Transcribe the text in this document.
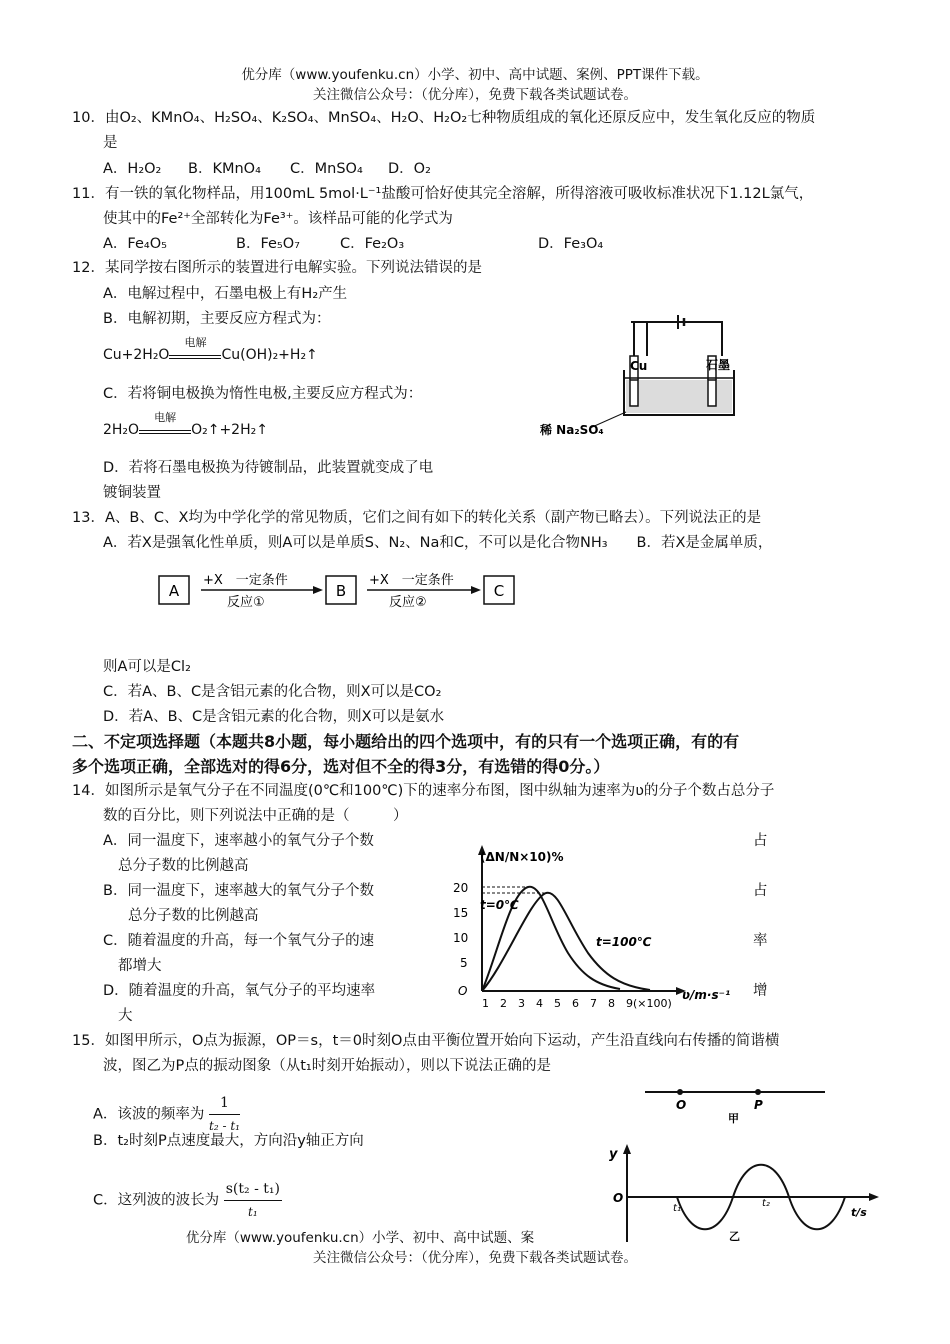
优分库（www.youfenku.cn）小学、初中、高中试题、案例、PPT课件下载。
关注微信公众号：（优分库），免费下载各类试题试卷。
10．由O₂、KMnO₄、H₂SO₄、K₂SO₄、MnSO₄、H₂O、H₂O₂七种物质组成的氧化还原反应中，发生氧化反应的物质
是
A．H₂O₂ B．KMnO₄ C．MnSO₄ D．O₂
11．有一铁的氧化物样品，用100mL 5mol·L⁻¹盐酸可恰好使其完全溶解，所得溶液可吸收标准状况下1.12L氯气，
使其中的Fe²⁺全部转化为Fe³⁺。该样品可能的化学式为
A．Fe₄O₅	B．Fe₅O₇	C．Fe₂O₃	D．Fe₃O₄
12．某同学按右图所示的装置进行电解实验。下列说法错误的是
A．电解过程中，石墨电极上有H₂产生
B．电解初期，主要反应方程式为：
Cu+2H₂O
电解
Cu(OH)₂+H₂↑
C．若将铜电极换为惰性电极,主要反应方程式为：
2H₂O
电解
O₂↑+2H₂↑
D．若将石墨电极换为待镀制品，此装置就变成了电
镀铜装置
Cu	石墨
稀 Na₂SO₄
13．A、B、C、X均为中学化学的常见物质，它们之间有如下的转化关系（副产物已略去）。下列说法正的是
A．若X是强氧化性单质，则A可以是单质S、N₂、Na和C，不可以是化合物NH₃　　B．若X是金属单质，
A
+X　一定条件
反应①
B
+X　一定条件
反应②
C
则A可以是Cl₂
C．若A、B、C是含铝元素的化合物，则X可以是CO₂
D．若A、B、C是含铝元素的化合物，则X可以是氨水
二、不定项选择题（本题共8小题，每小题给出的四个选项中，有的只有一个选项正确，有的有
多个选项正确，全部选对的得6分，选对但不全的得3分，有选错的得0分。）
14．如图所示是氧气分子在不同温度(0℃和100℃)下的速率分布图，图中纵轴为速率为ʋ的分子个数占总分子
数的百分比，则下列说法中正确的是（　　　）
A．同一温度下，速率越小的氧气分子个数
总分子数的比例越高
B．同一温度下，速率越大的氧气分子个数
总分子数的比例越高
C．随着温度的升高，每一个氧气分子的速
都增大
D．随着温度的升高，氧气分子的平均速率
大
占
占
率
增
(ΔN/N×10)%
20
15
10
5
O
1 2 3 4 5 6 7 8 9(×100)
ʋ/m·s⁻¹
t=0℃
t=100℃
15．如图甲所示，O点为振源，OP＝s，t＝0时刻O点由平衡位置开始向下运动，产生沿直线向右传播的简谐横
波，图乙为P点的振动图象（从t₁时刻开始振动），则以下说法正确的是
A．该波的频率为 $\frac{1}{\text{t₂ - t₁}}$
B．t₂时刻P点速度最大，方向沿y轴正方向
C．这列波的波长为 $\frac{\text{s(t₂ - t₁)}}{\text{t₁}}$
O	P
甲
y
O
t₁	t₂
t/s
乙
优分库（www.youfenku.cn）小学、初中、高中试题、案
关注微信公众号：（优分库），免费下载各类试题试卷。
